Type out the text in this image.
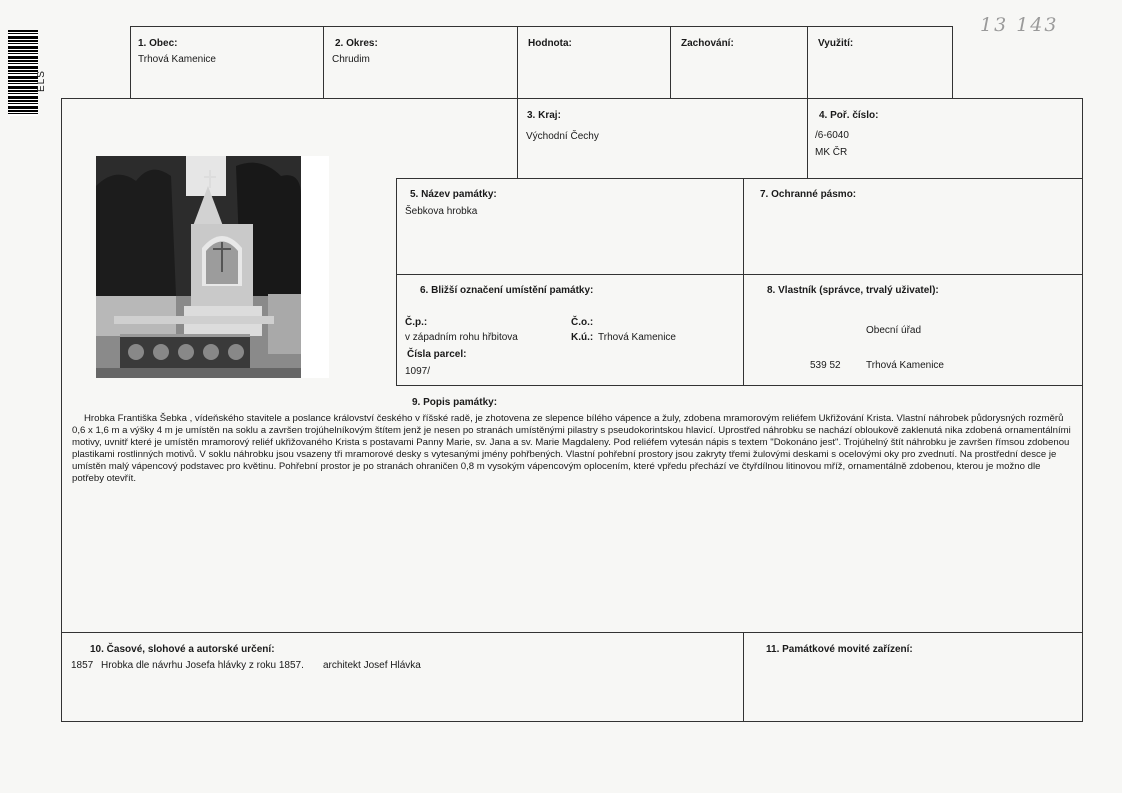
13 143
ELS
1. Obec:
Trhová Kamenice
2. Okres:
Chrudim
Hodnota:	Zachování:	Využití:
3. Kraj:
Východní Čechy
4. Poř. číslo:
/6-6040
MK ČR
5. Název památky:
Šebkova hrobka
7. Ochranné pásmo:
6. Bližší označení umístění památky:
Č.p.:
v západním rohu hřbitova
Č.o.:
K.ú.: Trhová Kamenice
Čísla parcel:
1097/
8. Vlastník (správce, trvalý uživatel):
Obecní úřad
539 52	Trhová Kamenice
9. Popis památky:
Hrobka Františka Šebka , vídeňského stavitele a poslance království českého v říšské radě, je zhotovena ze slepence bílého vápence a žuly, zdobena mramorovým reliéfem Ukřižování Krista. Vlastní náhrobek půdorysných rozměrů 0,6 x 1,6 m a výšky 4 m je umístěn na soklu a završen trojúhelníkovým štítem jenž je nesen po stranách umístěnými pilastry s pseudokorintskou hlavicí. Uprostřed náhrobku se nachází obloukově zaklenutá nika zdobená ornamentálními motivy, uvnitř které je umístěn mramorový reliéf ukřižovaného Krista s postavami Panny Marie, sv. Jana a sv. Marie Magdaleny. Pod reliéfem vytesán nápis s textem "Dokonáno jest". Trojúhelný štít náhrobku je završen římsou zdobenou plastikami rostlinných motivů. V soklu náhrobku jsou vsazeny tři mramorové desky s vytesanými jmény pohřbených. Vlastní pohřební prostory jsou zakryty třemi žulovými deskami s ocelovými oky pro zvednutí. Na prostřední desce je umístěn malý vápencový podstavec pro květinu. Pohřební prostor je po stranách ohraničen 0,8 m vysokým vápencovým oplocením, které vpředu přechází ve čtyřdílnou litinovou mříž, ornamentálně zdobenou, kterou je možno dle potřeby otevřít.
10. Časové, slohové a autorské určení:
1857 Hrobka dle návrhu Josefa hlávky z roku 1857. architekt Josef Hlávka
11. Památkové movité zařízení:
